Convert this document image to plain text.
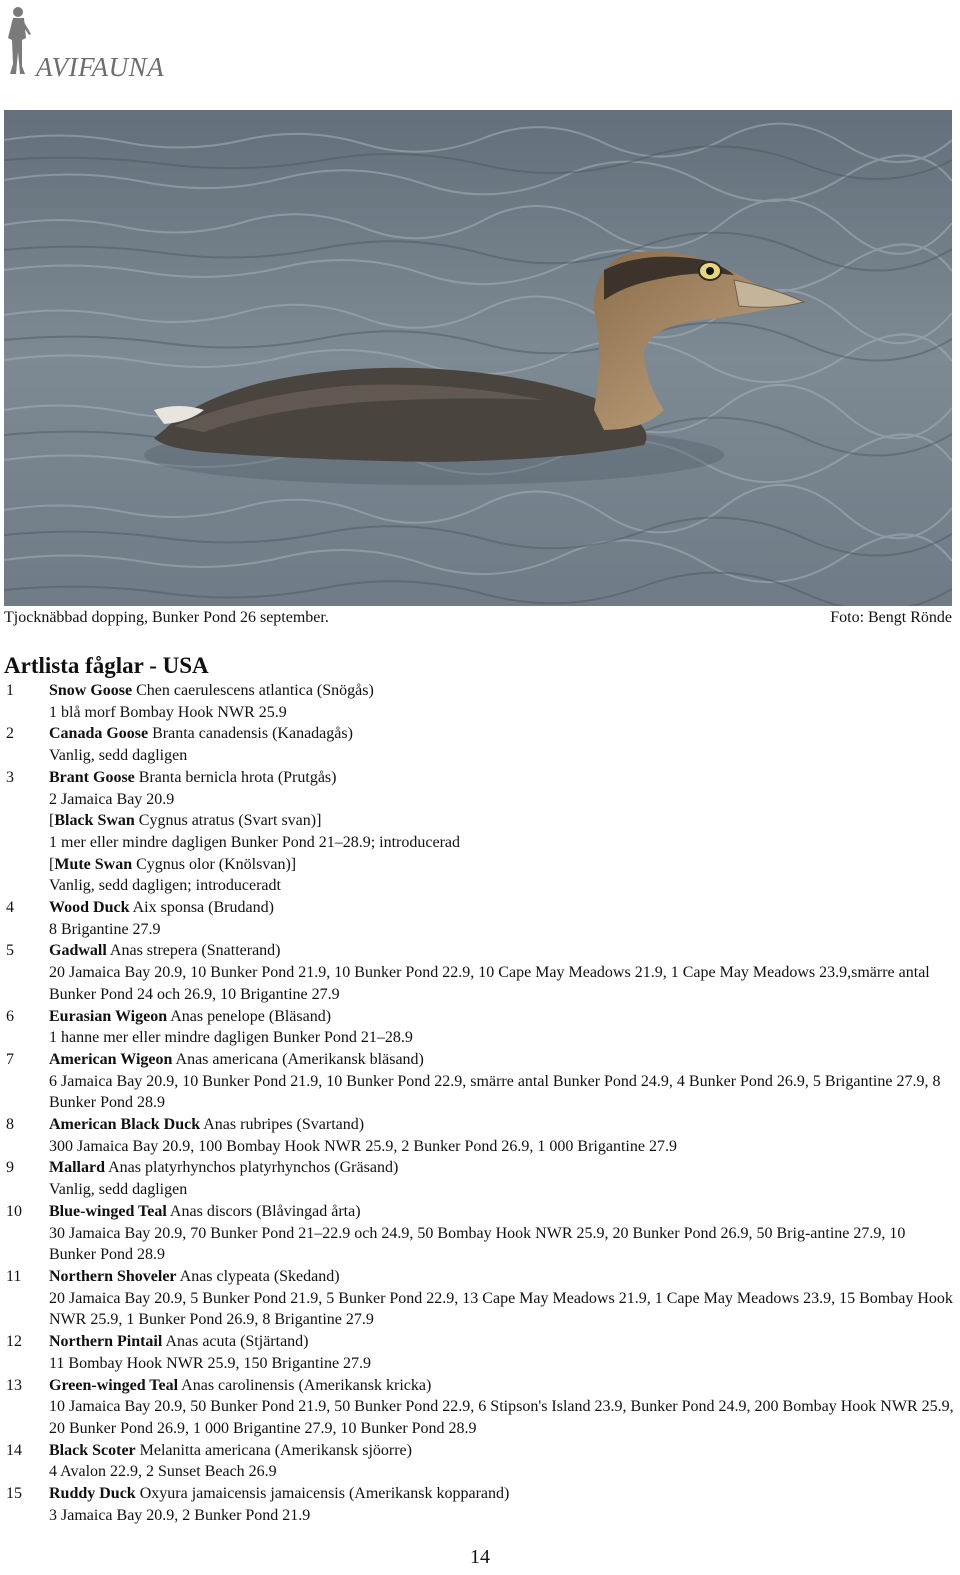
AVIFAUNA
Tjocknäbbad dopping, Bunker Pond 26 september.	Foto: Bengt Rönde
Artlista fåglar - USA
1	Snow Goose Chen caerulescens atlantica (Snögås)
1 blå morf Bombay Hook NWR 25.9
2	Canada Goose Branta canadensis (Kanadagås)
Vanlig, sedd dagligen
3	Brant Goose Branta bernicla hrota (Prutgås)
2 Jamaica Bay 20.9
[Black Swan Cygnus atratus (Svart svan)]
1 mer eller mindre dagligen Bunker Pond 21–28.9; introducerad
[Mute Swan Cygnus olor (Knölsvan)]
Vanlig, sedd dagligen; introduceradt
4	Wood Duck Aix sponsa (Brudand)
8 Brigantine 27.9
5	Gadwall Anas strepera (Snatterand)
20 Jamaica Bay 20.9, 10 Bunker Pond 21.9, 10 Bunker Pond 22.9, 10 Cape May Meadows 21.9, 1 Cape May Meadows 23.9,smärre antal Bunker Pond 24 och 26.9, 10 Brigantine 27.9
6	Eurasian Wigeon Anas penelope (Bläsand)
1 hanne mer eller mindre dagligen Bunker Pond 21–28.9
7	American Wigeon Anas americana (Amerikansk bläsand)
6 Jamaica Bay 20.9, 10 Bunker Pond 21.9, 10 Bunker Pond 22.9, smärre antal Bunker Pond 24.9, 4 Bunker Pond 26.9, 5 Brigantine 27.9, 8 Bunker Pond 28.9
8	American Black Duck Anas rubripes (Svartand)
300 Jamaica Bay 20.9, 100 Bombay Hook NWR 25.9, 2 Bunker Pond 26.9, 1 000 Brigantine 27.9
9	Mallard Anas platyrhynchos platyrhynchos (Gräsand)
Vanlig, sedd dagligen
10	Blue-winged Teal Anas discors (Blåvingad årta)
30 Jamaica Bay 20.9, 70 Bunker Pond 21–22.9 och 24.9, 50 Bombay Hook NWR 25.9, 20 Bunker Pond 26.9, 50 Brig-antine 27.9, 10 Bunker Pond 28.9
11	Northern Shoveler Anas clypeata (Skedand)
20 Jamaica Bay 20.9, 5 Bunker Pond 21.9, 5 Bunker Pond 22.9, 13 Cape May Meadows 21.9, 1 Cape May Meadows 23.9, 15 Bombay Hook NWR 25.9, 1 Bunker Pond 26.9, 8 Brigantine 27.9
12	Northern Pintail Anas acuta (Stjärtand)
11 Bombay Hook NWR 25.9, 150 Brigantine 27.9
13	Green-winged Teal Anas carolinensis (Amerikansk kricka)
10 Jamaica Bay 20.9, 50 Bunker Pond 21.9, 50 Bunker Pond 22.9, 6 Stipson's Island 23.9, Bunker Pond 24.9, 200 Bombay Hook NWR 25.9, 20 Bunker Pond 26.9, 1 000 Brigantine 27.9, 10 Bunker Pond 28.9
14	Black Scoter Melanitta americana (Amerikansk sjöorre)
4 Avalon 22.9, 2 Sunset Beach 26.9
15	Ruddy Duck Oxyura jamaicensis jamaicensis (Amerikansk kopparand)
3 Jamaica Bay 20.9, 2 Bunker Pond 21.9
14
